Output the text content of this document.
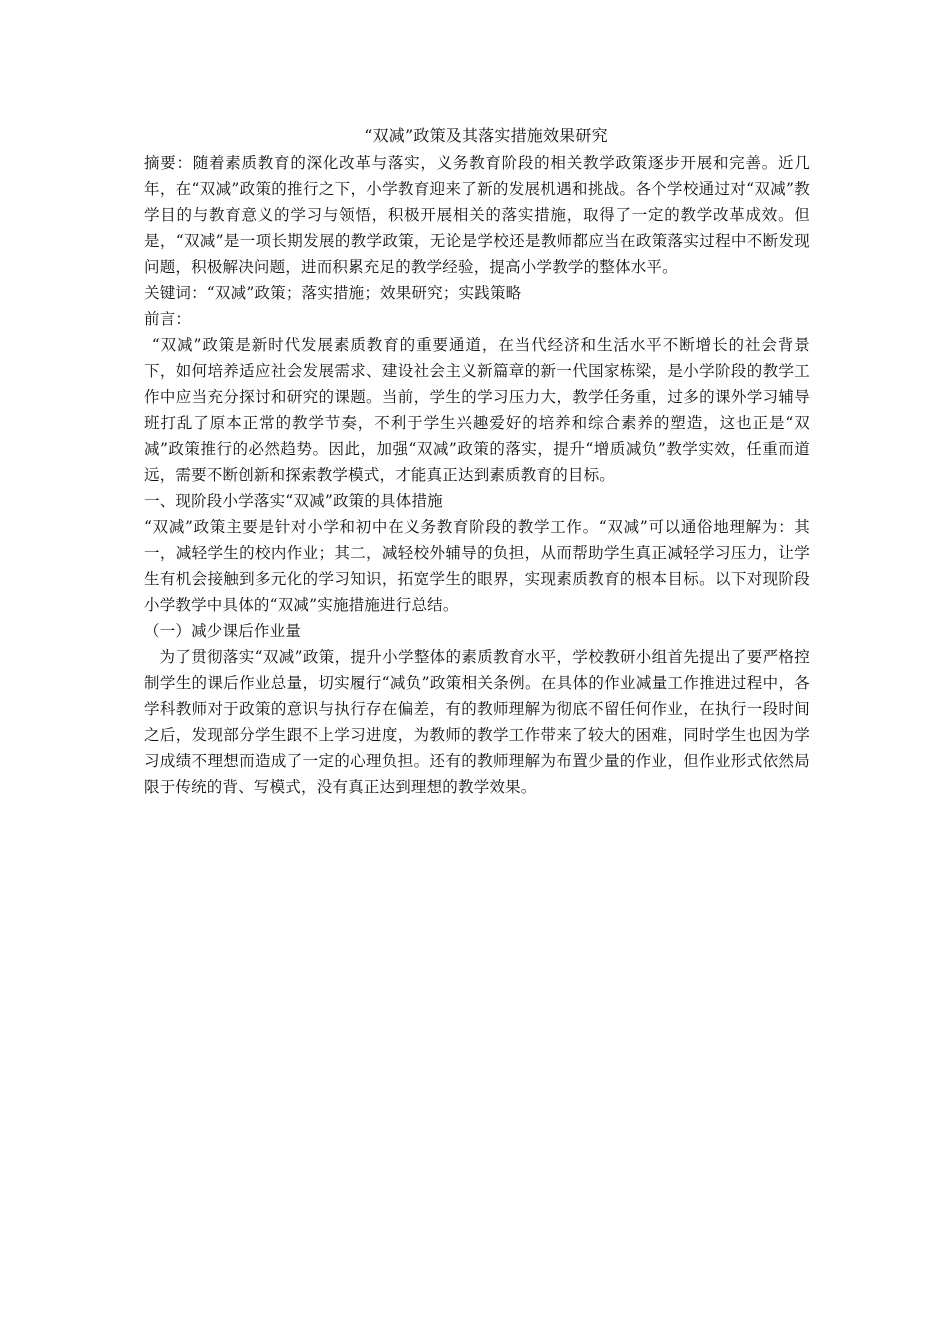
“双减”政策及其落实措施效果研究

摘要：随着素质教育的深化改革与落实，义务教育阶段的相关教学政策逐步开展和完善。近几年，在“双减”政策的推行之下，小学教育迎来了新的发展机遇和挑战。各个学校通过对“双减”教学目的与教育意义的学习与领悟，积极开展相关的落实措施，取得了一定的教学改革成效。但是，“双减”是一项长期发展的教学政策，无论是学校还是教师都应当在政策落实过程中不断发现问题，积极解决问题，进而积累充足的教学经验，提高小学教学的整体水平。

关键词：“双减”政策；落实措施；效果研究；实践策略

前言：

“双减”政策是新时代发展素质教育的重要通道，在当代经济和生活水平不断增长的社会背景下，如何培养适应社会发展需求、建设社会主义新篇章的新一代国家栋梁，是小学阶段的教学工作中应当充分探讨和研究的课题。当前，学生的学习压力大，教学任务重，过多的课外学习辅导班打乱了原本正常的教学节奏，不利于学生兴趣爱好的培养和综合素养的塑造，这也正是“双减”政策推行的必然趋势。因此，加强“双减”政策的落实，提升“增质减负”教学实效，任重而道远，需要不断创新和探索教学模式，才能真正达到素质教育的目标。

一、现阶段小学落实“双减”政策的具体措施

“双减”政策主要是针对小学和初中在义务教育阶段的教学工作。“双减”可以通俗地理解为：其一，减轻学生的校内作业；其二，减轻校外辅导的负担，从而帮助学生真正减轻学习压力，让学生有机会接触到多元化的学习知识，拓宽学生的眼界，实现素质教育的根本目标。以下对现阶段小学教学中具体的“双减”实施措施进行总结。

（一）减少课后作业量

为了贯彻落实“双减”政策，提升小学整体的素质教育水平，学校教研小组首先提出了要严格控制学生的课后作业总量，切实履行“减负”政策相关条例。在具体的作业减量工作推进过程中，各学科教师对于政策的意识与执行存在偏差，有的教师理解为彻底不留任何作业，在执行一段时间之后，发现部分学生跟不上学习进度，为教师的教学工作带来了较大的困难，同时学生也因为学习成绩不理想而造成了一定的心理负担。还有的教师理解为布置少量的作业，但作业形式依然局限于传统的背、写模式，没有真正达到理想的教学效果。
